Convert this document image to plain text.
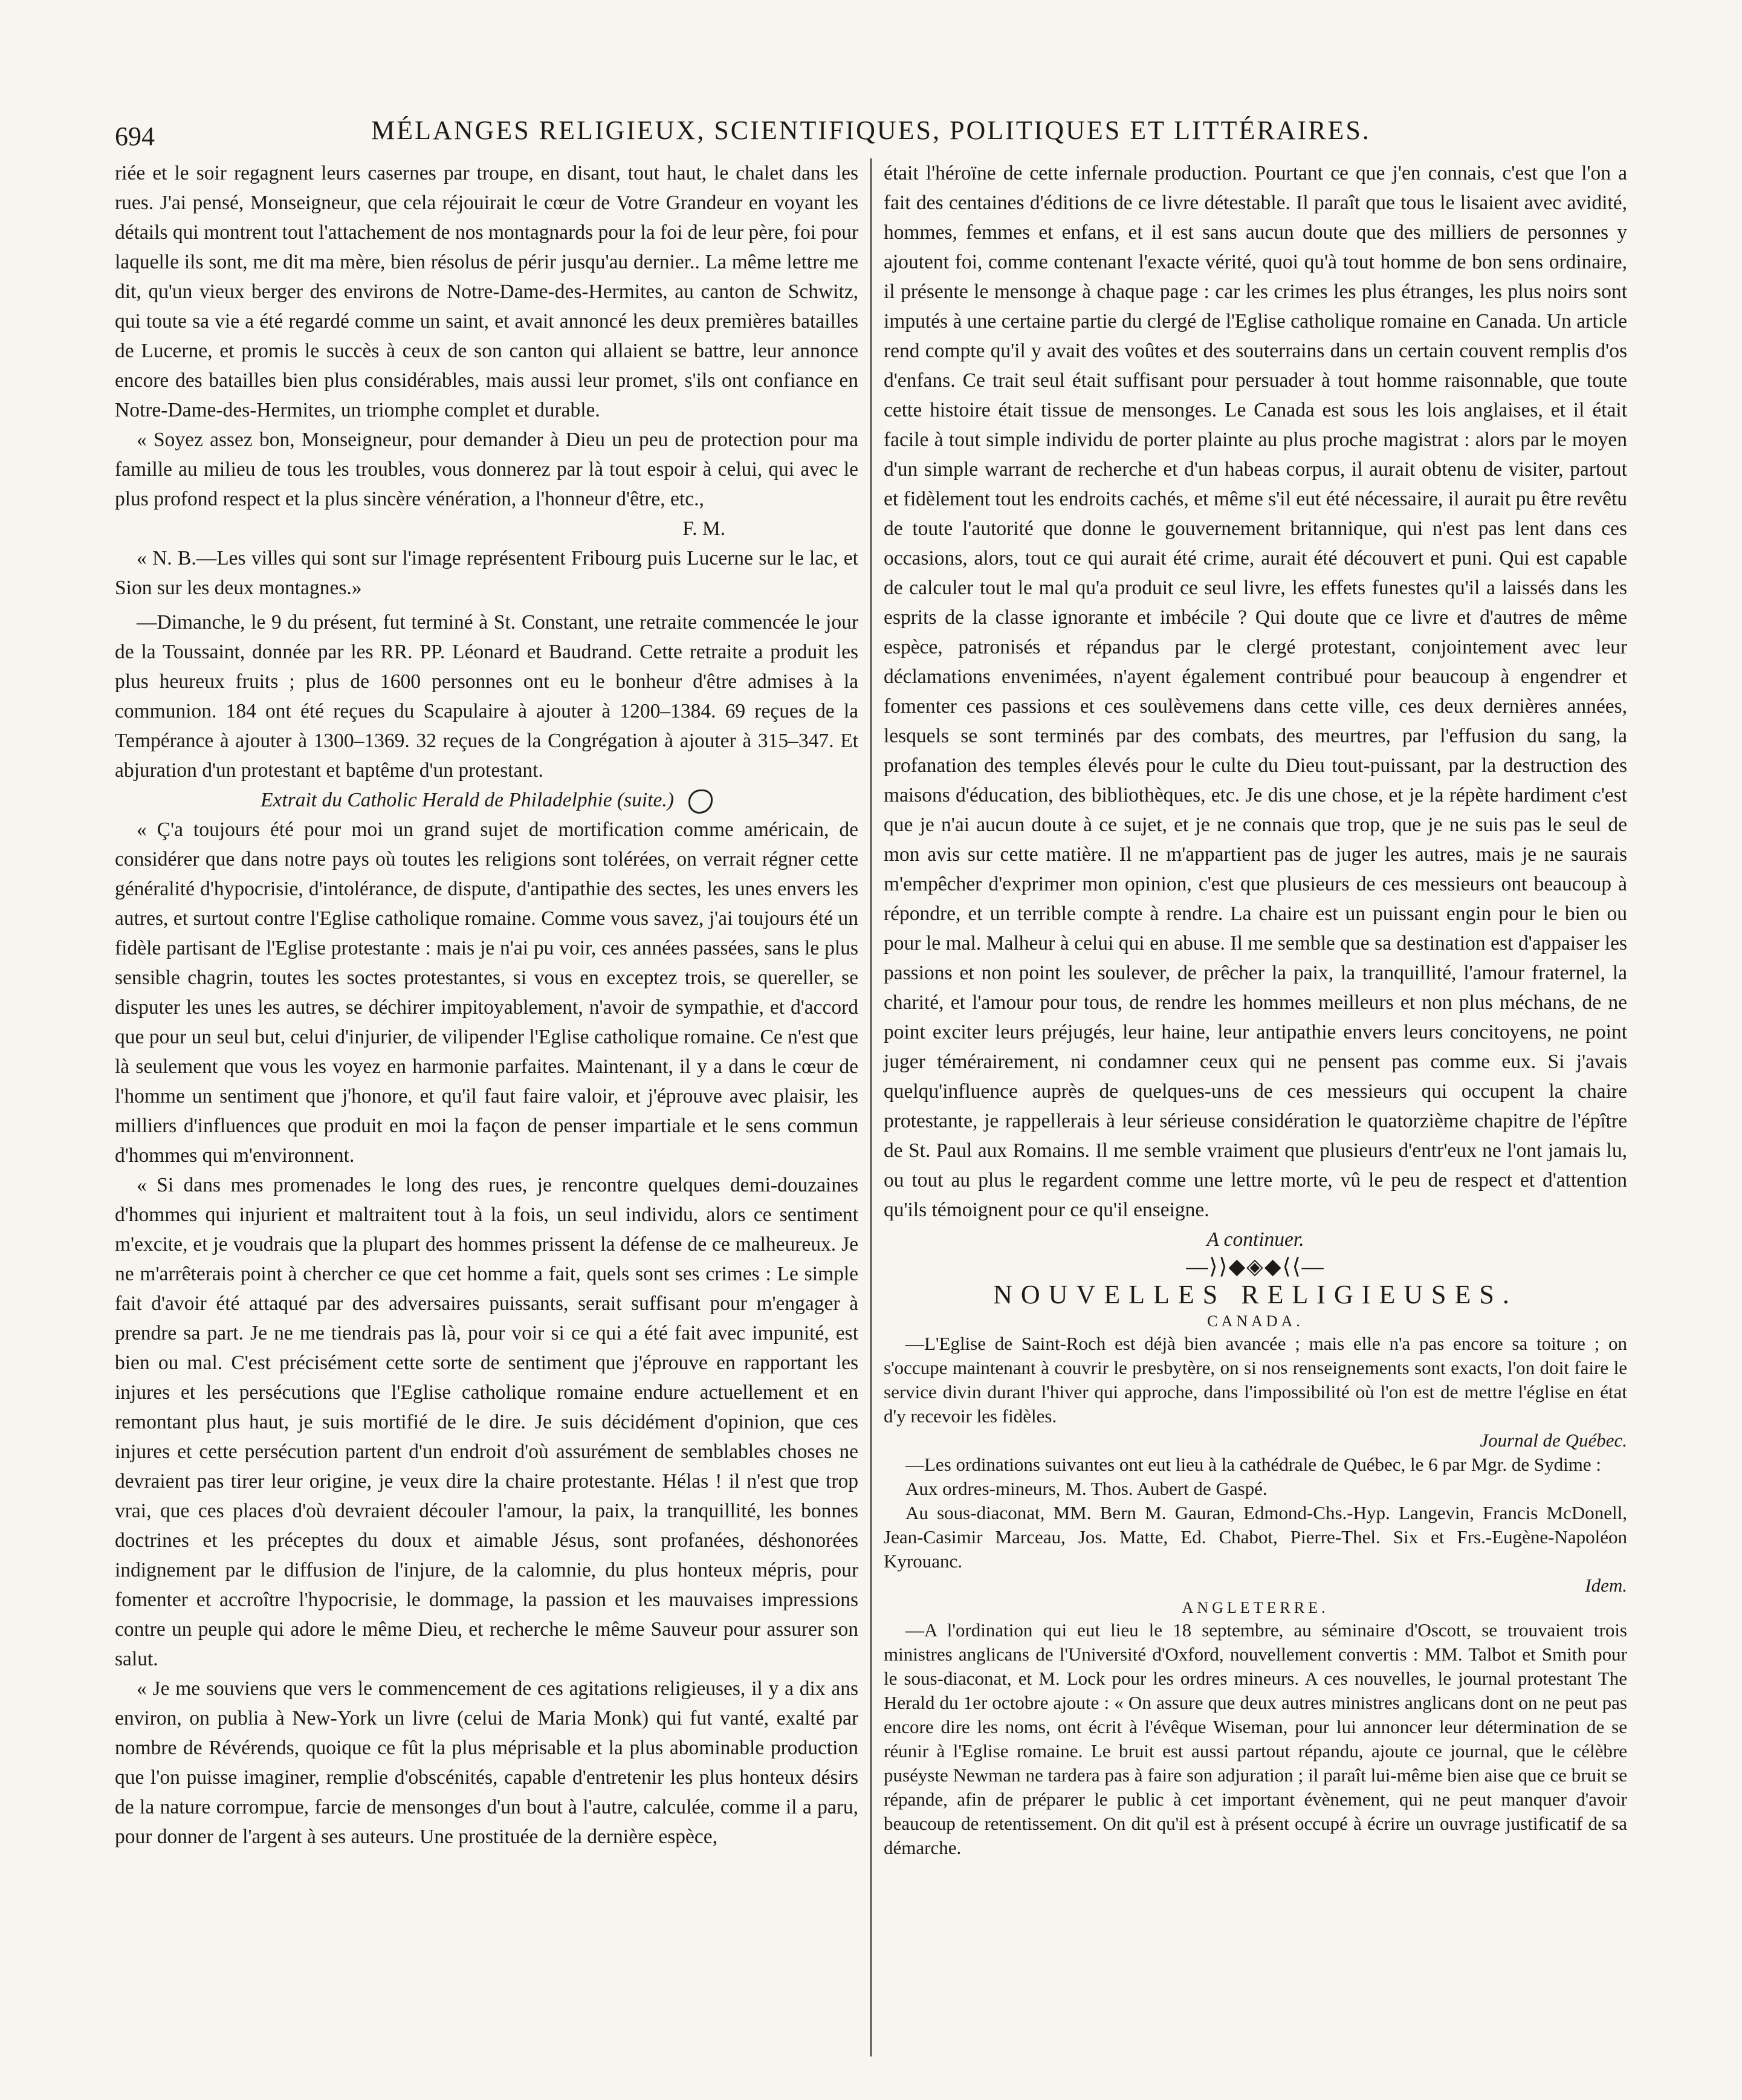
694	MÉLANGES RELIGIEUX, SCIENTIFIQUES, POLITIQUES ET LITTÉRAIRES.

riée et le soir regagnent leurs casernes par troupe, en disant, tout haut, le chalet dans les rues. J'ai pensé, Monseigneur, que cela réjouirait le cœur de Votre Grandeur en voyant les détails qui montrent tout l'attachement de nos montagnards pour la foi de leur père, foi pour laquelle ils sont, me dit ma mère, bien résolus de périr jusqu'au dernier.. La même lettre me dit, qu'un vieux berger des environs de Notre-Dame-des-Hermites, au canton de Schwitz, qui toute sa vie a été regardé comme un saint, et avait annoncé les deux premières batailles de Lucerne, et promis le succès à ceux de son canton qui allaient se battre, leur annonce encore des batailles bien plus considérables, mais aussi leur promet, s'ils ont confiance en Notre-Dame-des-Hermites, un triomphe complet et durable.

« Soyez assez bon, Monseigneur, pour demander à Dieu un peu de protection pour ma famille au milieu de tous les troubles, vous donnerez par là tout espoir à celui, qui avec le plus profond respect et la plus sincère vénération, a l'honneur d'être, etc.,

F. M.

« N. B.—Les villes qui sont sur l'image représentent Fribourg puis Lucerne sur le lac, et Sion sur les deux montagnes.»

—Dimanche, le 9 du présent, fut terminé à St. Constant, une retraite commencée le jour de la Toussaint, donnée par les RR. PP. Léonard et Baudrand. Cette retraite a produit les plus heureux fruits ; plus de 1600 personnes ont eu le bonheur d'être admises à la communion. 184 ont été reçues du Scapulaire à ajouter à 1200–1384. 69 reçues de la Tempérance à ajouter à 1300–1369. 32 reçues de la Congrégation à ajouter à 315–347. Et abjuration d'un protestant et baptême d'un protestant.

Extrait du Catholic Herald de Philadelphie (suite.)

« Ç'a toujours été pour moi un grand sujet de mortification comme américain, de considérer que dans notre pays où toutes les religions sont tolérées, on verrait régner cette généralité d'hypocrisie, d'intolérance, de dispute, d'antipathie des sectes, les unes envers les autres, et surtout contre l'Eglise catholique romaine. Comme vous savez, j'ai toujours été un fidèle partisant de l'Eglise protestante : mais je n'ai pu voir, ces années passées, sans le plus sensible chagrin, toutes les soctes protestantes, si vous en exceptez trois, se quereller, se disputer les unes les autres, se déchirer impitoyablement, n'avoir de sympathie, et d'accord que pour un seul but, celui d'injurier, de vilipender l'Eglise catholique romaine. Ce n'est que là seulement que vous les voyez en harmonie parfaites. Maintenant, il y a dans le cœur de l'homme un sentiment que j'honore, et qu'il faut faire valoir, et j'éprouve avec plaisir, les milliers d'influences que produit en moi la façon de penser impartiale et le sens commun d'hommes qui m'environnent.

« Si dans mes promenades le long des rues, je rencontre quelques demi-douzaines d'hommes qui injurient et maltraitent tout à la fois, un seul individu, alors ce sentiment m'excite, et je voudrais que la plupart des hommes prissent la défense de ce malheureux. Je ne m'arrêterais point à chercher ce que cet homme a fait, quels sont ses crimes : Le simple fait d'avoir été attaqué par des adversaires puissants, serait suffisant pour m'engager à prendre sa part. Je ne me tiendrais pas là, pour voir si ce qui a été fait avec impunité, est bien ou mal. C'est précisément cette sorte de sentiment que j'éprouve en rapportant les injures et les persécutions que l'Eglise catholique romaine endure actuellement et en remontant plus haut, je suis mortifié de le dire. Je suis décidément d'opinion, que ces injures et cette persécution partent d'un endroit d'où assurément de semblables choses ne devraient pas tirer leur origine, je veux dire la chaire protestante. Hélas ! il n'est que trop vrai, que ces places d'où devraient découler l'amour, la paix, la tranquillité, les bonnes doctrines et les préceptes du doux et aimable Jésus, sont profanées, déshonorées indignement par le diffusion de l'injure, de la calomnie, du plus honteux mépris, pour fomenter et accroître l'hypocrisie, le dommage, la passion et les mauvaises impressions contre un peuple qui adore le même Dieu, et recherche le même Sauveur pour assurer son salut.

« Je me souviens que vers le commencement de ces agitations religieuses, il y a dix ans environ, on publia à New-York un livre (celui de Maria Monk) qui fut vanté, exalté par nombre de Révérends, quoique ce fût la plus méprisable et la plus abominable production que l'on puisse imaginer, remplie d'obscénités, capable d'entretenir les plus honteux désirs de la nature corrompue, farcie de mensonges d'un bout à l'autre, calculée, comme il a paru, pour donner de l'argent à ses auteurs. Une prostituée de la dernière espèce,

était l'héroïne de cette infernale production. Pourtant ce que j'en connais, c'est que l'on a fait des centaines d'éditions de ce livre détestable. Il paraît que tous le lisaient avec avidité, hommes, femmes et enfans, et il est sans aucun doute que des milliers de personnes y ajoutent foi, comme contenant l'exacte vérité, quoi qu'à tout homme de bon sens ordinaire, il présente le mensonge à chaque page : car les crimes les plus étranges, les plus noirs sont imputés à une certaine partie du clergé de l'Eglise catholique romaine en Canada. Un article rend compte qu'il y avait des voûtes et des souterrains dans un certain couvent remplis d'os d'enfans. Ce trait seul était suffisant pour persuader à tout homme raisonnable, que toute cette histoire était tissue de mensonges. Le Canada est sous les lois anglaises, et il était facile à tout simple individu de porter plainte au plus proche magistrat : alors par le moyen d'un simple warrant de recherche et d'un habeas corpus, il aurait obtenu de visiter, partout et fidèlement tout les endroits cachés, et même s'il eut été nécessaire, il aurait pu être revêtu de toute l'autorité que donne le gouvernement britannique, qui n'est pas lent dans ces occasions, alors, tout ce qui aurait été crime, aurait été découvert et puni. Qui est capable de calculer tout le mal qu'a produit ce seul livre, les effets funestes qu'il a laissés dans les esprits de la classe ignorante et imbécile ? Qui doute que ce livre et d'autres de même espèce, patronisés et répandus par le clergé protestant, conjointement avec leur déclamations envenimées, n'ayent également contribué pour beaucoup à engendrer et fomenter ces passions et ces soulèvemens dans cette ville, ces deux dernières années, lesquels se sont terminés par des combats, des meurtres, par l'effusion du sang, la profanation des temples élevés pour le culte du Dieu tout-puissant, par la destruction des maisons d'éducation, des bibliothèques, etc. Je dis une chose, et je la répète hardiment c'est que je n'ai aucun doute à ce sujet, et je ne connais que trop, que je ne suis pas le seul de mon avis sur cette matière. Il ne m'appartient pas de juger les autres, mais je ne saurais m'empêcher d'exprimer mon opinion, c'est que plusieurs de ces messieurs ont beaucoup à répondre, et un terrible compte à rendre. La chaire est un puissant engin pour le bien ou pour le mal. Malheur à celui qui en abuse. Il me semble que sa destination est d'appaiser les passions et non point les soulever, de prêcher la paix, la tranquillité, l'amour fraternel, la charité, et l'amour pour tous, de rendre les hommes meilleurs et non plus méchans, de ne point exciter leurs préjugés, leur haine, leur antipathie envers leurs concitoyens, ne point juger témérairement, ni condamner ceux qui ne pensent pas comme eux. Si j'avais quelqu'influence auprès de quelques-uns de ces messieurs qui occupent la chaire protestante, je rappellerais à leur sérieuse considération le quatorzième chapitre de l'épître de St. Paul aux Romains. Il me semble vraiment que plusieurs d'entr'eux ne l'ont jamais lu, ou tout au plus le regardent comme une lettre morte, vû le peu de respect et d'attention qu'ils témoignent pour ce qu'il enseigne.

A continuer.

—⟩⟩◆◈◆⟨⟨—

NOUVELLES RELIGIEUSES.

CANADA.

—L'Eglise de Saint-Roch est déjà bien avancée ; mais elle n'a pas encore sa toiture ; on s'occupe maintenant à couvrir le presbytère, on si nos renseignements sont exacts, l'on doit faire le service divin durant l'hiver qui approche, dans l'impossibilité où l'on est de mettre l'église en état d'y recevoir les fidèles.

Journal de Québec.

—Les ordinations suivantes ont eut lieu à la cathédrale de Québec, le 6 par Mgr. de Sydime :

Aux ordres-mineurs, M. Thos. Aubert de Gaspé.

Au sous-diaconat, MM. Bern M. Gauran, Edmond-Chs.-Hyp. Langevin, Francis McDonell, Jean-Casimir Marceau, Jos. Matte, Ed. Chabot, Pierre-Thel. Six et Frs.-Eugène-Napoléon Kyrouanc.

Idem.

ANGLETERRE.

—A l'ordination qui eut lieu le 18 septembre, au séminaire d'Oscott, se trouvaient trois ministres anglicans de l'Université d'Oxford, nouvellement convertis : MM. Talbot et Smith pour le sous-diaconat, et M. Lock pour les ordres mineurs. A ces nouvelles, le journal protestant The Herald du 1er octobre ajoute : « On assure que deux autres ministres anglicans dont on ne peut pas encore dire les noms, ont écrit à l'évêque Wiseman, pour lui annoncer leur détermination de se réunir à l'Eglise romaine. Le bruit est aussi partout répandu, ajoute ce journal, que le célèbre puséyste Newman ne tardera pas à faire son adjuration ; il paraît lui-même bien aise que ce bruit se répande, afin de préparer le public à cet important évènement, qui ne peut manquer d'avoir beaucoup de retentissement. On dit qu'il est à présent occupé à écrire un ouvrage justificatif de sa démarche.
